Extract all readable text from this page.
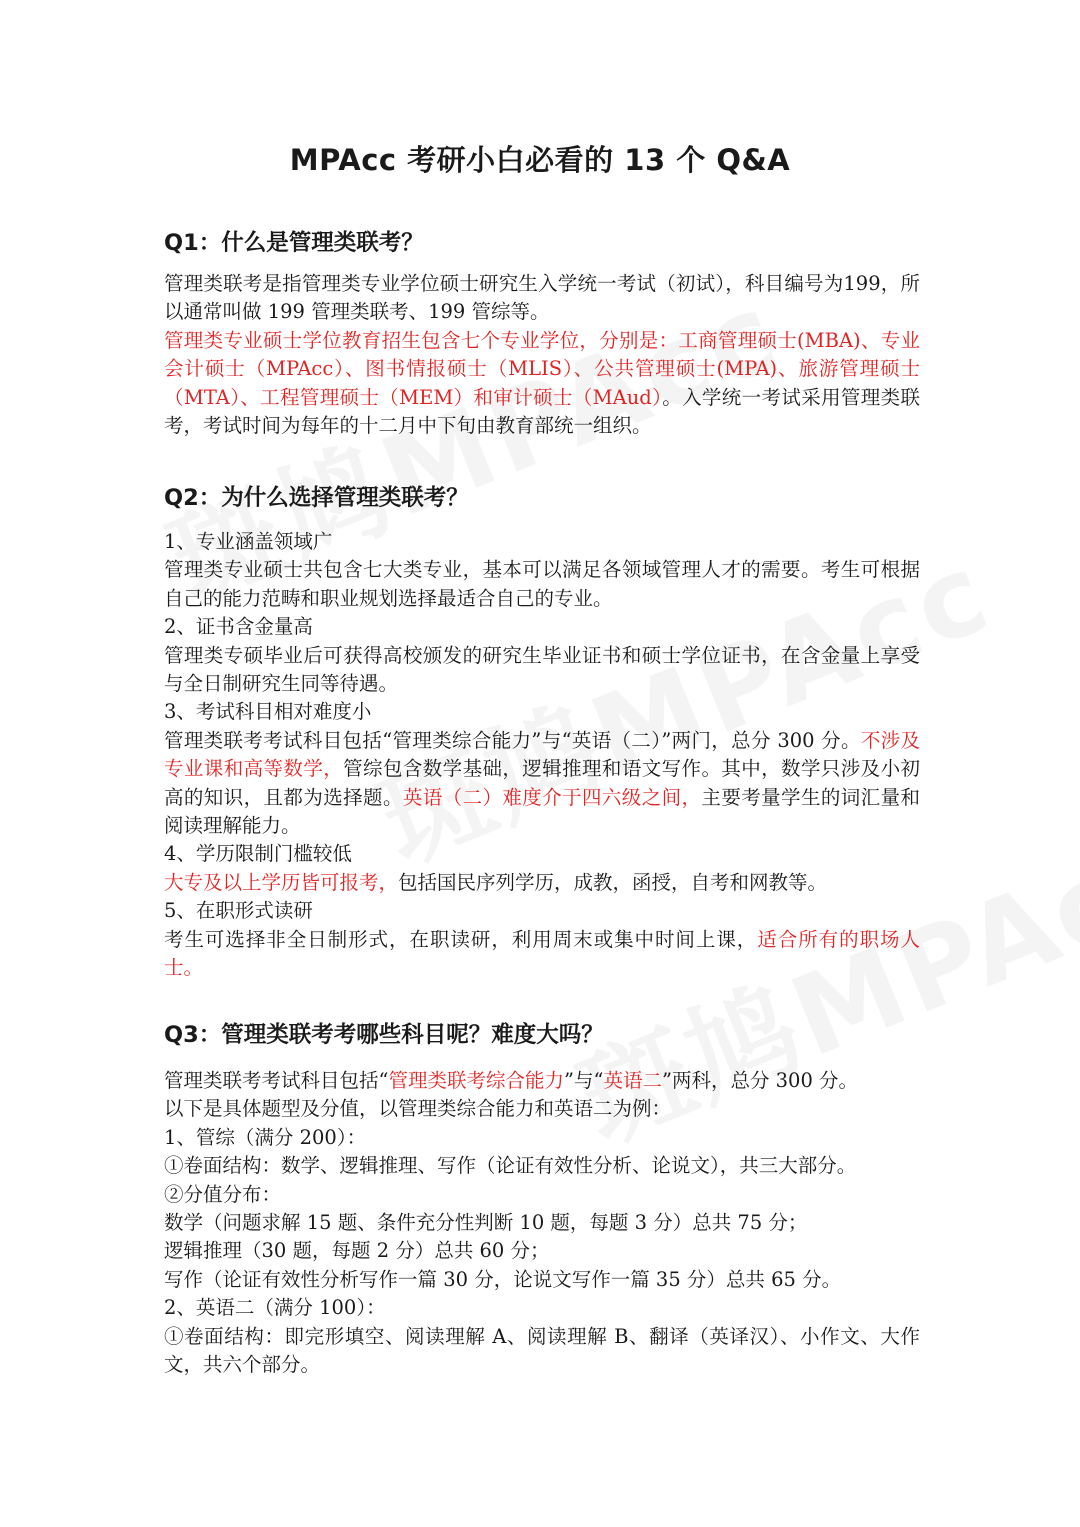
MPAcc 考研小白必看的 13 个 Q&A
Q1：什么是管理类联考？

管理类联考是指管理类专业学位硕士研究生入学统一考试（初试），科目编号为199，所以通常叫做 199 管理类联考、199 管综等。

管理类专业硕士学位教育招生包含七个专业学位，分别是：工商管理硕士(MBA)、专业会计硕士（MPAcc）、图书情报硕士（MLIS）、公共管理硕士(MPA)、旅游管理硕士（MTA）、工程管理硕士（MEM）和审计硕士（MAud）。入学统一考试采用管理类联考，考试时间为每年的十二月中下旬由教育部统一组织。

Q2：为什么选择管理类联考？

1、专业涵盖领域广

管理类专业硕士共包含七大类专业，基本可以满足各领域管理人才的需要。考生可根据自己的能力范畴和职业规划选择最适合自己的专业。

2、证书含金量高

管理类专硕毕业后可获得高校颁发的研究生毕业证书和硕士学位证书，在含金量上享受与全日制研究生同等待遇。

3、考试科目相对难度小

管理类联考考试科目包括“管理类综合能力”与“英语（二）”两门，总分 300 分。不涉及专业课和高等数学，管综包含数学基础，逻辑推理和语文写作。其中，数学只涉及小初高的知识，且都为选择题。英语（二）难度介于四六级之间，主要考量学生的词汇量和阅读理解能力。

4、学历限制门槛较低

大专及以上学历皆可报考，包括国民序列学历，成教，函授，自考和网教等。

5、在职形式读研

考生可选择非全日制形式，在职读研，利用周末或集中时间上课，适合所有的职场人士。

Q3：管理类联考考哪些科目呢？难度大吗？

管理类联考考试科目包括“管理类联考综合能力”与“英语二”两科，总分 300 分。

以下是具体题型及分值，以管理类综合能力和英语二为例：

1、管综（满分 200）：

①卷面结构：数学、逻辑推理、写作（论证有效性分析、论说文），共三大部分。

②分值分布：

数学（问题求解 15 题、条件充分性判断 10 题，每题 3 分）总共 75 分；

逻辑推理（30 题，每题 2 分）总共 60 分；

写作（论证有效性分析写作一篇 30 分，论说文写作一篇 35 分）总共 65 分。

2、英语二（满分 100）：

①卷面结构：即完形填空、阅读理解 A、阅读理解 B、翻译（英译汉）、小作文、大作文，共六个部分。
